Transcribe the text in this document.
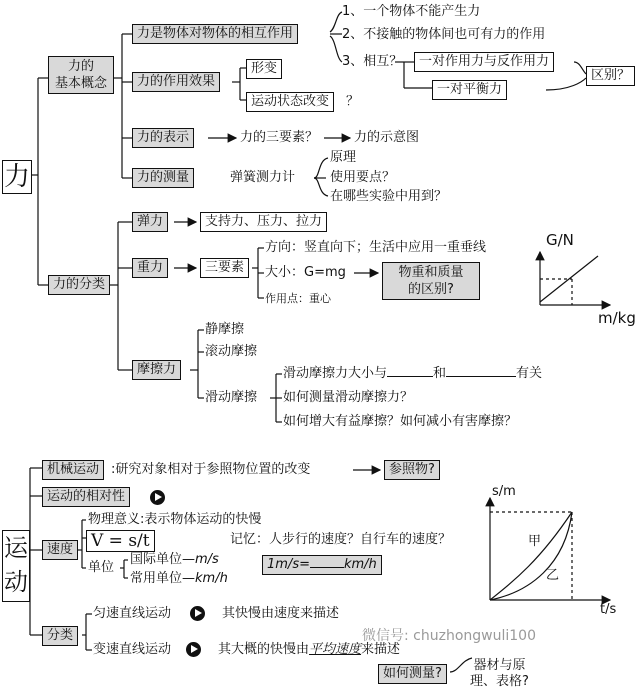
力
力的
基本概念
力是物体对物体的相互作用
1、一个物体不能产生力
2、不接触的物体间也可有力的作用
3、相互？	一对作用力与反作用力
一对平衡力
区别？
力的作用效果
形变
运动状态改变	？
力的表示	力的三要素？	力的示意图
力的测量	弹簧测力计
原理
使用要点？
在哪些实验中用到？
力的分类
弹力	支持力、压力、拉力
重力	三要素
方向：竖直向下；生活中应用一重垂线
大小：G=mg
作用点：重心
物重和质量
的区别?
摩擦力
静摩擦
滚动摩擦
滑动摩擦
滑动摩擦力大小与	和	有关
如何测量滑动摩擦力？
如何增大有益摩擦？如何减小有害摩擦？
G/N
m/kg
运动
机械运动 :研究对象相对于参照物位置的改变	参照物?
运动的相对性
速度
物理意义:表示物体运动的快慢
V = s/t	记忆：人步行的速度？自行车的速度？
单位
国际单位—m/s
常用单位—km/h
1m/s=	km/h
分类
匀速直线运动	其快慢由速度来描述
变速直线运动	其大概的快慢由平均速度来描述
如何测量?
器材与原
理、表格?
s/m
t/s
甲
乙
微信号: chuzhongwuli100
